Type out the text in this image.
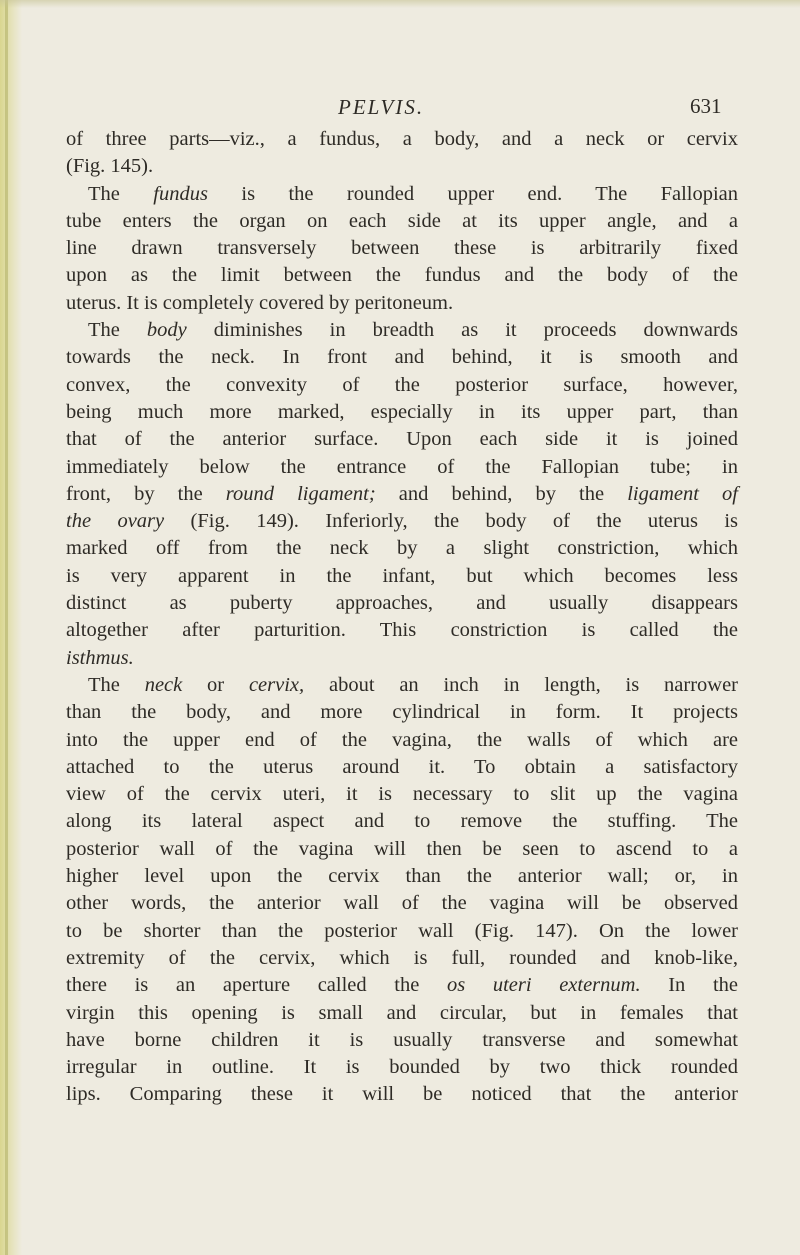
PELVIS.	631
of three parts—viz., a fundus, a body, and a neck or cervix
(Fig. 145).
The fundus is the rounded upper end. The Fallopian
tube enters the organ on each side at its upper angle, and a
line drawn transversely between these is arbitrarily fixed
upon as the limit between the fundus and the body of the
uterus. It is completely covered by peritoneum.
The body diminishes in breadth as it proceeds downwards
towards the neck. In front and behind, it is smooth and
convex, the convexity of the posterior surface, however,
being much more marked, especially in its upper part, than
that of the anterior surface. Upon each side it is joined
immediately below the entrance of the Fallopian tube; in
front, by the round ligament; and behind, by the ligament of
the ovary (Fig. 149). Inferiorly, the body of the uterus is
marked off from the neck by a slight constriction, which
is very apparent in the infant, but which becomes less
distinct as puberty approaches, and usually disappears
altogether after parturition. This constriction is called the
isthmus.
The neck or cervix, about an inch in length, is narrower
than the body, and more cylindrical in form. It projects
into the upper end of the vagina, the walls of which are
attached to the uterus around it. To obtain a satisfactory
view of the cervix uteri, it is necessary to slit up the vagina
along its lateral aspect and to remove the stuffing. The
posterior wall of the vagina will then be seen to ascend to a
higher level upon the cervix than the anterior wall; or, in
other words, the anterior wall of the vagina will be observed
to be shorter than the posterior wall (Fig. 147). On the lower
extremity of the cervix, which is full, rounded and knob-like,
there is an aperture called the os uteri externum. In the
virgin this opening is small and circular, but in females that
have borne children it is usually transverse and somewhat
irregular in outline. It is bounded by two thick rounded
lips. Comparing these it will be noticed that the anterior
